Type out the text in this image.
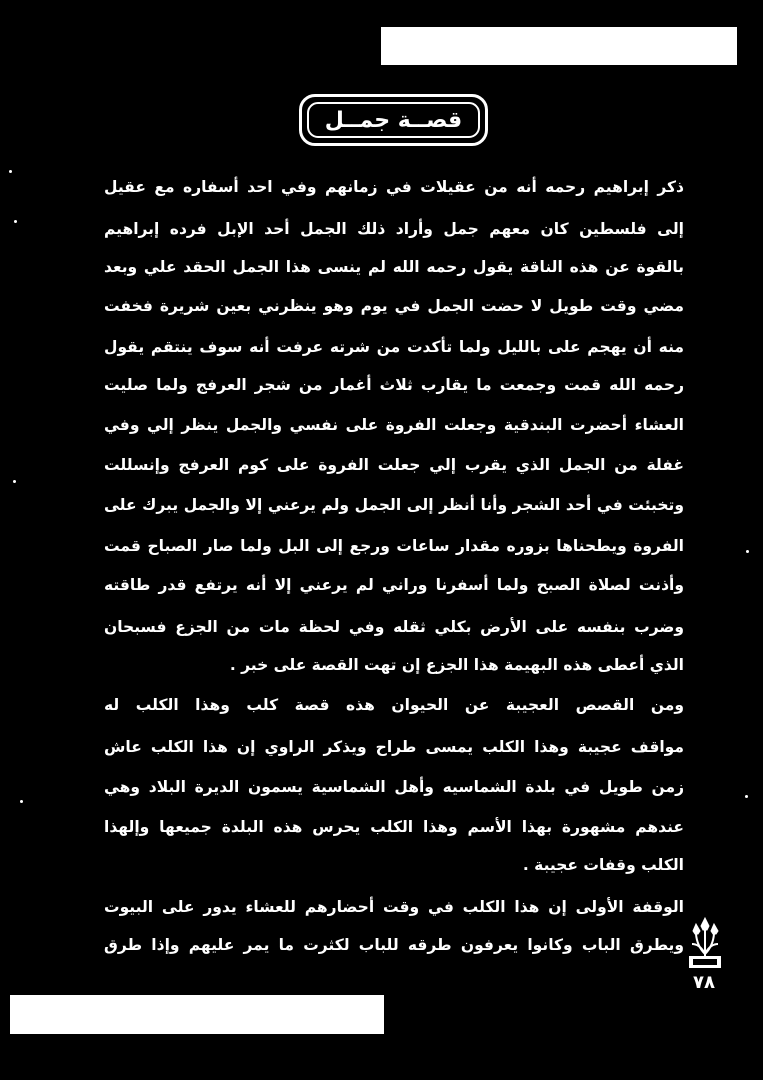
قصــة جمــل
ذكر إبراهيم رحمه أنه من عقيلات في زمانهم وفي احد أسفاره مع عقيل
إلى فلسطين كان معهم جمل وأراد ذلك الجمل أحد الإبل فرده إبراهيم
بالقوة عن هذه الناقة يقول رحمه الله لم ينسى هذا الجمل الحقد علي وبعد
مضي وقت طويل لا حضت الجمل في يوم وهو ينظرني بعين شريرة فخفت
منه أن يهجم على بالليل ولما تأكدت من شرته عرفت أنه سوف ينتقم يقول
رحمه الله قمت وجمعت ما يقارب ثلاث أغمار من شجر العرفج ولما صليت
العشاء أحضرت البندقية وجعلت الفروة على نفسي والجمل ينظر إلي وفي
غفلة من الجمل الذي يقرب إلي جعلت الفروة على كوم العرفج وإنسللت
وتخبئت في أحد الشجر وأنا أنظر إلى الجمل ولم يرعني إلا والجمل يبرك على
الفروة ويطحناها بزوره مقدار ساعات ورجع إلى البل ولما صار الصباح قمت
وأذنت لصلاة الصبح ولما أسفرنا وراني لم يرعني إلا أنه يرتفع قدر طاقته
وضرب بنفسه على الأرض بكلي ثقله وفي لحظة مات من الجزع فسبحان
الذي أعطى هذه البهيمة هذا الجزع إن تهت القصة على خبر .
ومن القصص العجيبة عن الحيوان هذه قصة كلب وهذا الكلب له
مواقف عجيبة وهذا الكلب يمسى طراح ويذكر الراوي إن هذا الكلب عاش
زمن طويل في بلدة الشماسيه وأهل الشماسية يسمون الديرة البلاد وهي
عندهم مشهورة بهذا الأسم وهذا الكلب يحرس هذه البلدة جميعها وإلهذا
الكلب وقفات عجيبة .
الوقفة الأولى إن هذا الكلب في وقت أحضارهم للعشاء يدور على البيوت
ويطرق الباب وكانوا يعرفون طرقه للباب لكثرت ما يمر عليهم وإذا طرق
٧٨
